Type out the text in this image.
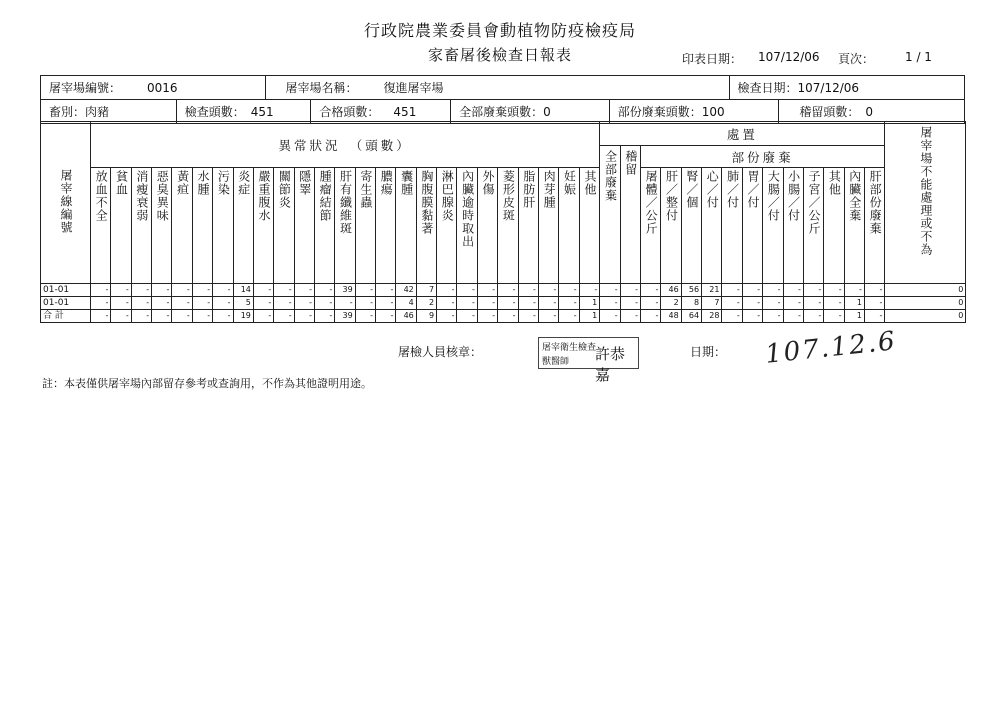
行政院農業委員會動植物防疫檢疫局
家畜屠後檢查日報表	印表日期： 107/12/06 頁次：	1 / 1
屠宰場編號： 0016	屠宰場名稱： 復進屠宰場	檢查日期： 107/12/06
畜別： 肉豬	檢查頭數： 451	合格頭數： 451	全部廢棄頭數： 0	部份廢棄頭數： 100	稽留頭數： 0
屠宰線編號	異常狀況　（頭數）																									處置														屠宰場不能處理或不為
																										全部廢棄	稽留	部份廢棄												
	放血不全	貧血	消瘦衰弱	惡臭異味	黃疸	水腫	污染	炎症	嚴重腹水	關節炎	隱睪	腫瘤結節	肝有纖維斑	寄生蟲	膿瘍	囊腫	胸腹膜黏著	淋巴腺炎	內臟逾時取出	外傷	菱形皮斑	脂肪肝	肉芽腫	妊娠	其他			屠體／公斤	肝／整付	腎／個	心／付	肺／付	胃／付	大腸／付	小腸／付	子宮／公斤	其他	內臟全棄	肝部份廢棄	
01-01	-	-	-	-	-	-	-	14	-	-	-	-	39	-	-	42	7	-	-	-	-	-	-	-	-	-	-	-	46	56	21	-	-	-	-	-	-	-	-	0
01-01	-	-	-	-	-	-	-	5	-	-	-	-	-	-	-	4	2	-	-	-	-	-	-	-	1	-	-	-	2	8	7	-	-	-	-	-	-	1	-	0
合 計	-	-	-	-	-	-	-	19	-	-	-	-	39	-	-	46	9	-	-	-	-	-	-	-	1	-	-	-	48	64	28	-	-	-	-	-	-	1	-	0
屠檢人員核章：	屠宰衛生檢查
獸醫師 許恭嘉
日期： 107.12.6
註：本表僅供屠宰場內部留存參考或查詢用，不作為其他證明用途。
